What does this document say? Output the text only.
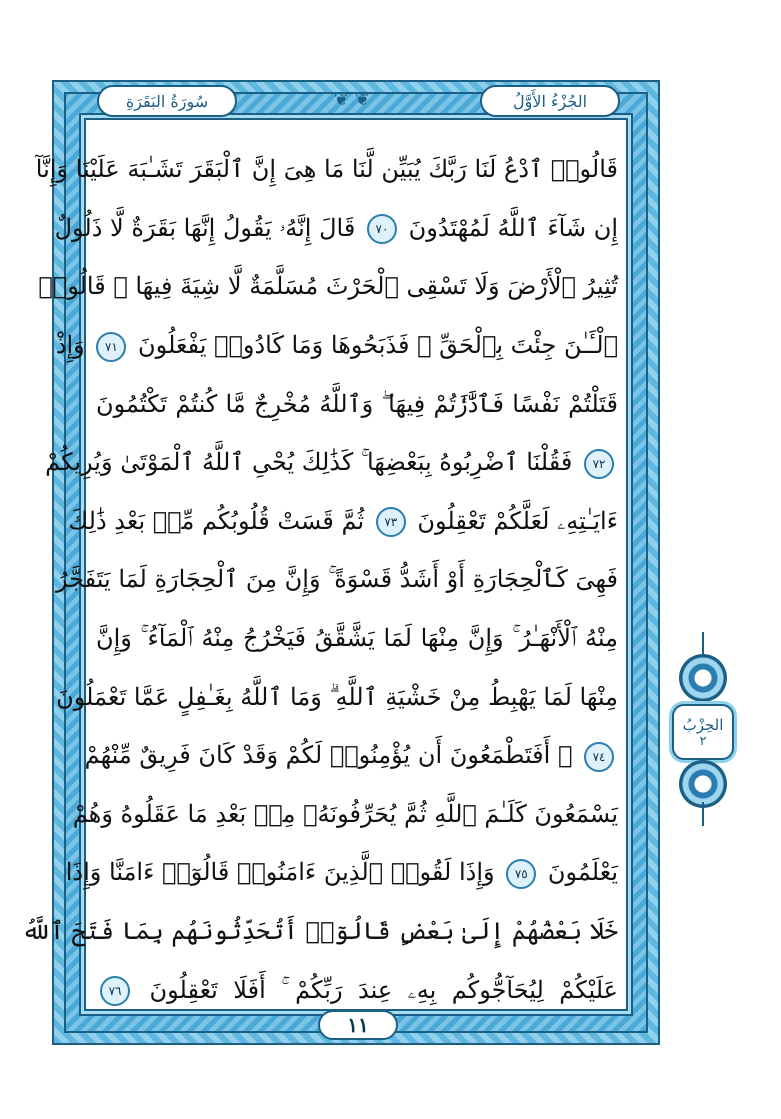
الجُزْءُ الأَوَّلُ
❦❦
سُورَةُ البَقَرَةِ
قَالُوا۟ ٱدْعُ لَنَا رَبَّكَ يُبَيِّن لَّنَا مَا هِىَ إِنَّ ٱلْبَقَرَ تَشَـٰبَهَ عَلَيْنَا وَإِنَّآ
إِن شَآءَ ٱللَّهُ لَمُهْتَدُونَ ٧٠ قَالَ إِنَّهُۥ يَقُولُ إِنَّهَا بَقَرَةٌ لَّا ذَلُولٌ
تُثِيرُ ٱلْأَرْضَ وَلَا تَسْقِى ٱلْحَرْثَ مُسَلَّمَةٌ لَّا شِيَةَ فِيهَا ۚ قَالُوا۟
ٱلْـَٔـٰنَ جِئْتَ بِٱلْحَقِّ ۚ فَذَبَحُوهَا وَمَا كَادُوا۟ يَفْعَلُونَ ٧١ وَإِذْ
قَتَلْتُمْ نَفْسًا فَٱدَّٰرَٰٔتُمْ فِيهَا ۖ وَٱللَّهُ مُخْرِجٌ مَّا كُنتُمْ تَكْتُمُونَ
٧٢ فَقُلْنَا ٱضْرِبُوهُ بِبَعْضِهَا ۚ كَذَٰلِكَ يُحْىِ ٱللَّهُ ٱلْمَوْتَىٰ وَيُرِيكُمْ
ءَايَـٰتِهِۦ لَعَلَّكُمْ تَعْقِلُونَ ٧٣ ثُمَّ قَسَتْ قُلُوبُكُم مِّنۢ بَعْدِ ذَٰلِكَ
فَهِىَ كَٱلْحِجَارَةِ أَوْ أَشَدُّ قَسْوَةً ۚ وَإِنَّ مِنَ ٱلْحِجَارَةِ لَمَا يَتَفَجَّرُ
مِنْهُ ٱلْأَنْهَـٰرُ ۚ وَإِنَّ مِنْهَا لَمَا يَشَّقَّقُ فَيَخْرُجُ مِنْهُ ٱلْمَآءُ ۚ وَإِنَّ
مِنْهَا لَمَا يَهْبِطُ مِنْ خَشْيَةِ ٱللَّهِ ۗ وَمَا ٱللَّهُ بِغَـٰفِلٍ عَمَّا تَعْمَلُونَ
٧٤ ۞ أَفَتَطْمَعُونَ أَن يُؤْمِنُوا۟ لَكُمْ وَقَدْ كَانَ فَرِيقٌ مِّنْهُمْ
يَسْمَعُونَ كَلَـٰمَ ٱللَّهِ ثُمَّ يُحَرِّفُونَهُۥ مِنۢ بَعْدِ مَا عَقَلُوهُ وَهُمْ
يَعْلَمُونَ ٧٥ وَإِذَا لَقُوا۟ ٱلَّذِينَ ءَامَنُوا۟ قَالُوٓا۟ ءَامَنَّا وَإِذَا
خَلَا بَعْضُهُمْ إِلَىٰ بَعْضٍ قَالُوٓا۟ أَتُحَدِّثُونَهُم بِمَا فَتَحَ ٱللَّهُ
عَلَيْكُمْ لِيُحَآجُّوكُم بِهِۦ عِندَ رَبِّكُمْ ۚ أَفَلَا تَعْقِلُونَ ٧٦
١١
الحِزْبُ
٢
